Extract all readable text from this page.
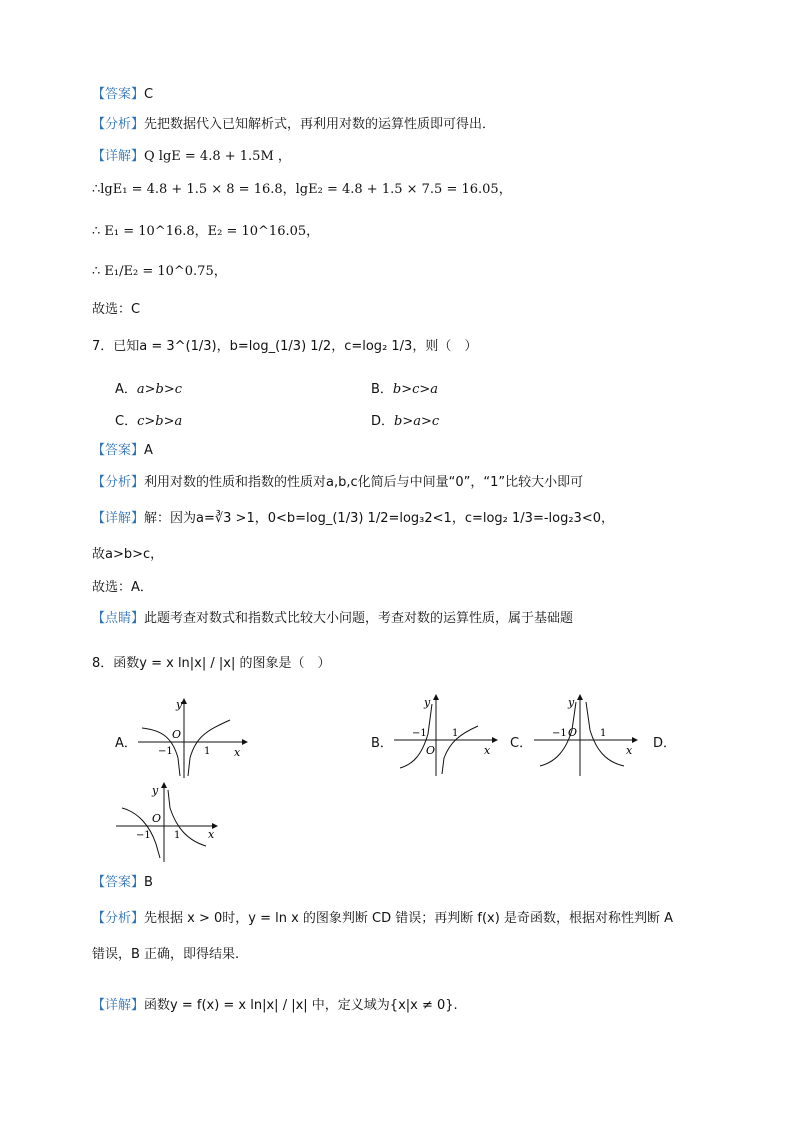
【答案】C
【分析】先把数据代入已知解析式，再利用对数的运算性质即可得出．
【详解】Q lgE = 4.8 + 1.5M ，
∴lgE₁ = 4.8 + 1.5 × 8 = 16.8，lgE₂ = 4.8 + 1.5 × 7.5 = 16.05，
∴ E₁ = 10^16.8，E₂ = 10^16.05，
∴ E₁/E₂ = 10^0.75，
故选：C
7．已知a = 3^(1/3)，b=log_(1/3) 1/2，c=log₂ 1/3，则（　）
A．a>b>c	B．b>c>a
C．c>b>a	D．b>a>c
【答案】A
【分析】利用对数的性质和指数的性质对a,b,c化简后与中间量“0”，“1”比较大小即可
【详解】解：因为a=∛3 >1，0<b=log_(1/3) 1/2=log₃2<1，c=log₂ 1/3=-log₂3<0，
故a>b>c，
故选：A．
【点睛】此题考查对数式和指数式比较大小问题，考查对数的运算性质，属于基础题
8．函数y = x ln|x| / |x| 的图象是（　）
A．
y
O
−1	1 x
B．
y
O
−1	1
x C．
y
O
−1	1
x D．
y
O
−1 1	x
【答案】B
【分析】先根据 x > 0时，y = ln x 的图象判断 CD 错误；再判断 f(x) 是奇函数，根据对称性判断 A
错误，B 正确，即得结果.
【详解】函数y = f(x) = x ln|x| / |x| 中，定义域为{x|x ≠ 0}.
